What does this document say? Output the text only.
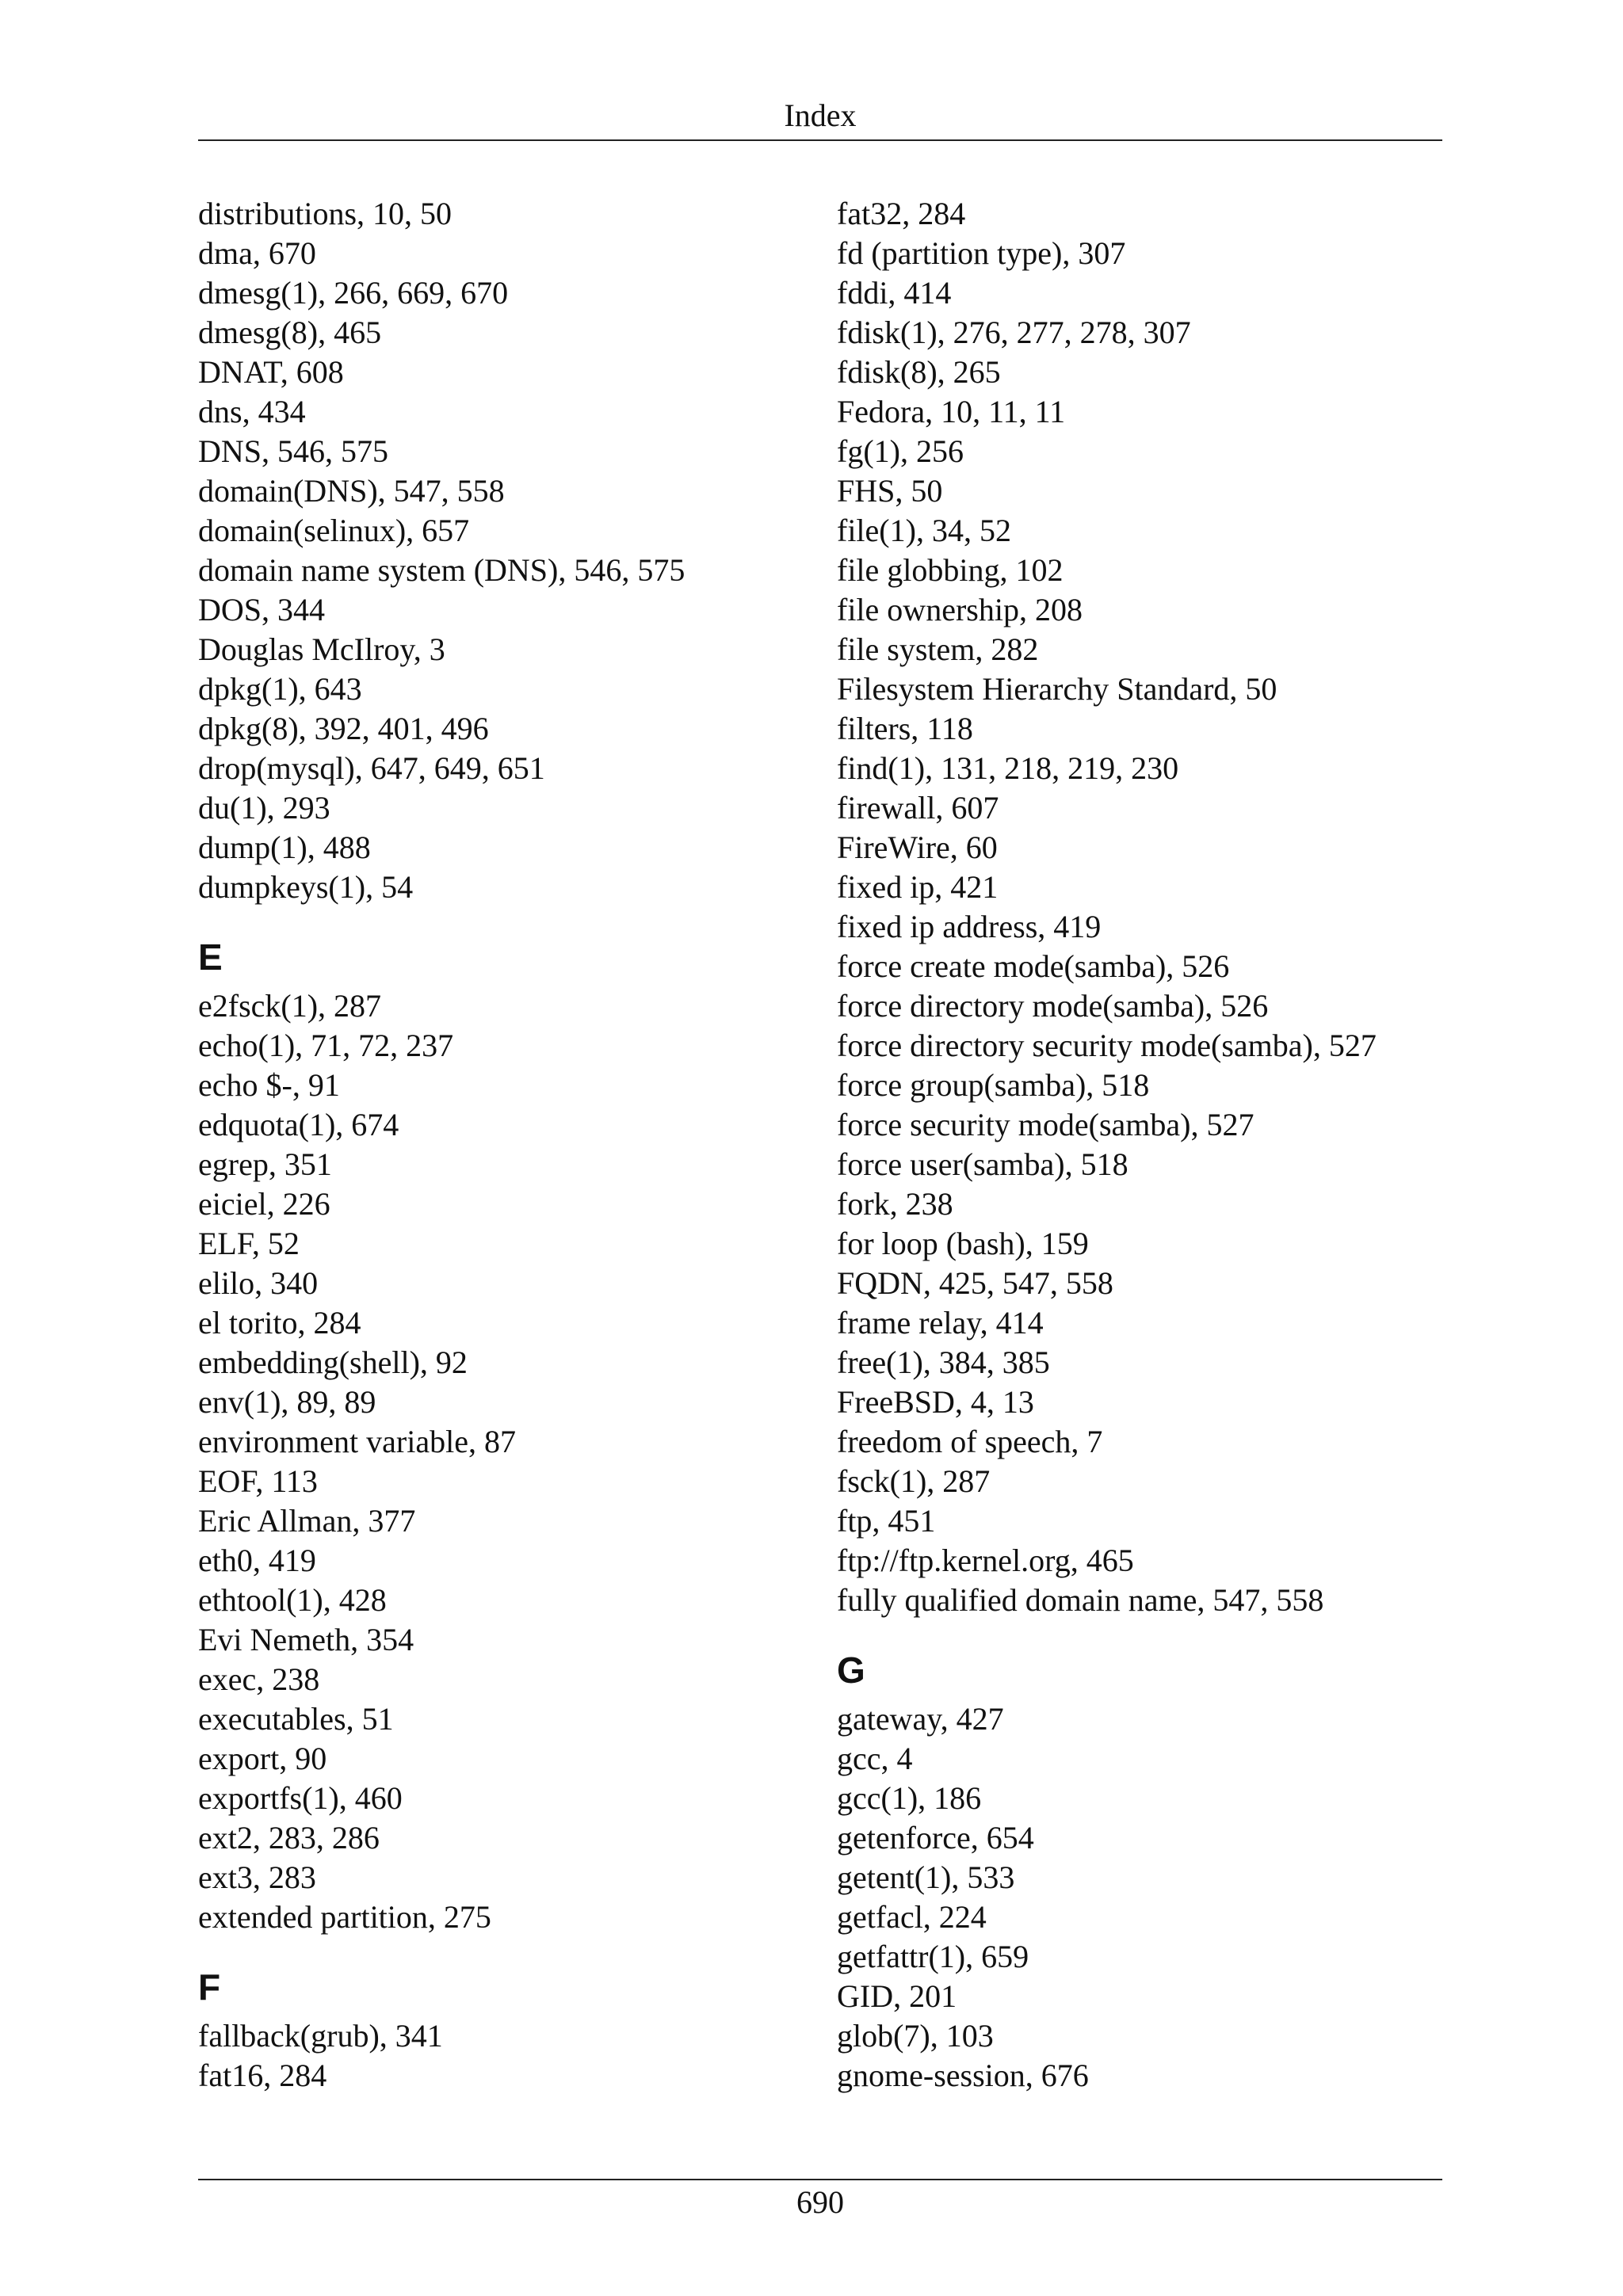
Index
distributions, 10, 50
dma, 670
dmesg(1), 266, 669, 670
dmesg(8), 465
DNAT, 608
dns, 434
DNS, 546, 575
domain(DNS), 547, 558
domain(selinux), 657
domain name system (DNS), 546, 575
DOS, 344
Douglas McIlroy, 3
dpkg(1), 643
dpkg(8), 392, 401, 496
drop(mysql), 647, 649, 651
du(1), 293
dump(1), 488
dumpkeys(1), 54
E
e2fsck(1), 287
echo(1), 71, 72, 237
echo $-, 91
edquota(1), 674
egrep, 351
eiciel, 226
ELF, 52
elilo, 340
el torito, 284
embedding(shell), 92
env(1), 89, 89
environment variable, 87
EOF, 113
Eric Allman, 377
eth0, 419
ethtool(1), 428
Evi Nemeth, 354
exec, 238
executables, 51
export, 90
exportfs(1), 460
ext2, 283, 286
ext3, 283
extended partition, 275
F
fallback(grub), 341
fat16, 284
fat32, 284
fd (partition type), 307
fddi, 414
fdisk(1), 276, 277, 278, 307
fdisk(8), 265
Fedora, 10, 11, 11
fg(1), 256
FHS, 50
file(1), 34, 52
file globbing, 102
file ownership, 208
file system, 282
Filesystem Hierarchy Standard, 50
filters, 118
find(1), 131, 218, 219, 230
firewall, 607
FireWire, 60
fixed ip, 421
fixed ip address, 419
force create mode(samba), 526
force directory mode(samba), 526
force directory security mode(samba), 527
force group(samba), 518
force security mode(samba), 527
force user(samba), 518
fork, 238
for loop (bash), 159
FQDN, 425, 547, 558
frame relay, 414
free(1), 384, 385
FreeBSD, 4, 13
freedom of speech, 7
fsck(1), 287
ftp, 451
ftp://ftp.kernel.org, 465
fully qualified domain name, 547, 558
G
gateway, 427
gcc, 4
gcc(1), 186
getenforce, 654
getent(1), 533
getfacl, 224
getfattr(1), 659
GID, 201
glob(7), 103
gnome-session, 676
690
